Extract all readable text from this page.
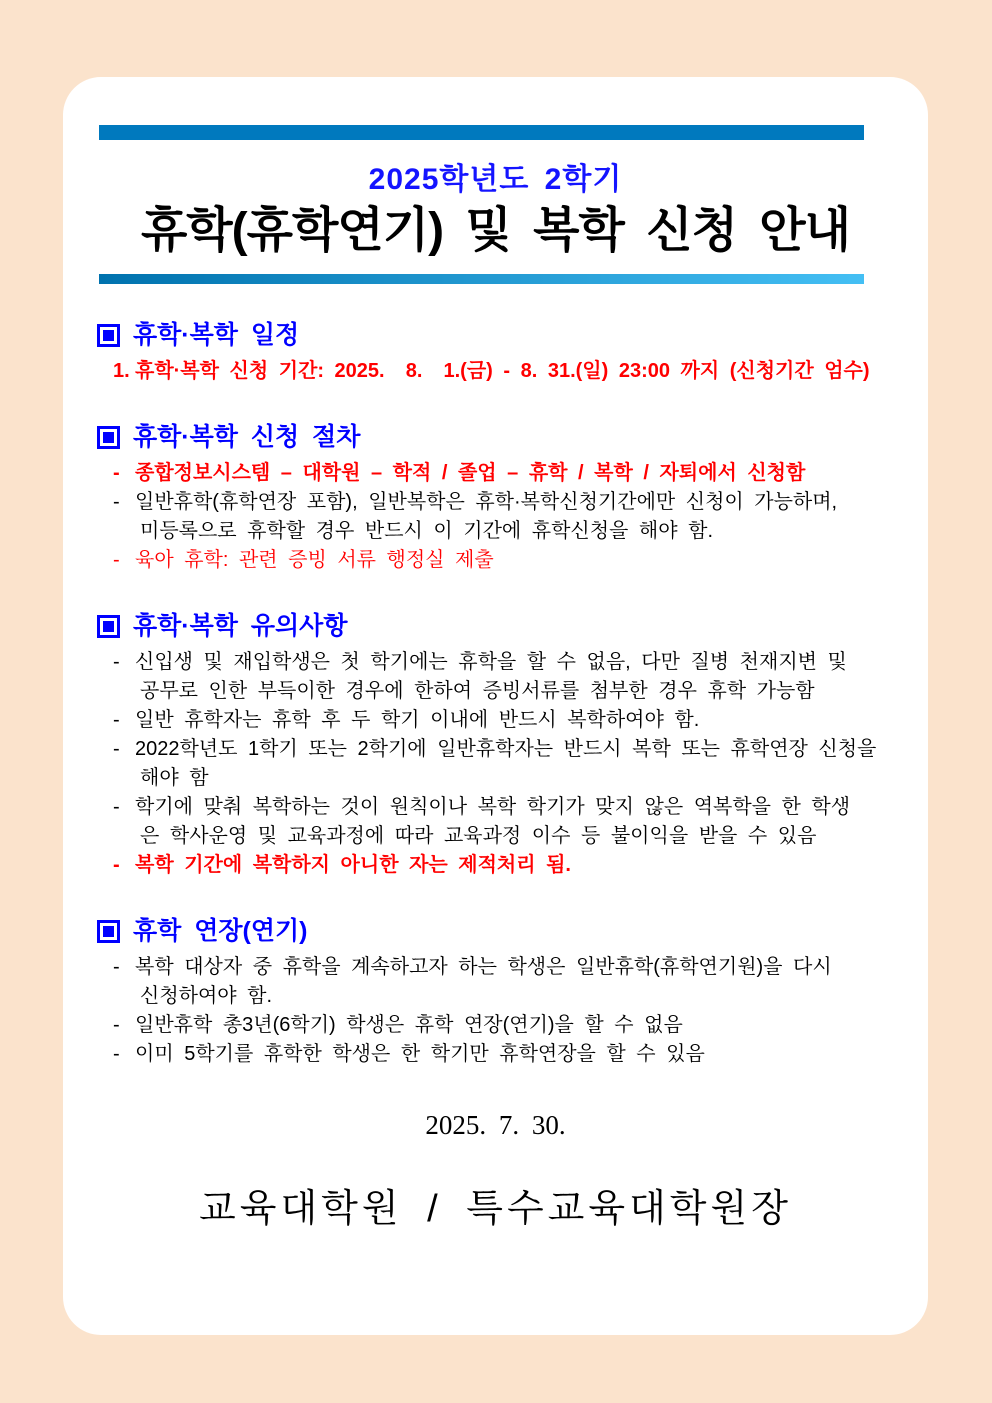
2025학년도 2학기
휴학(휴학연기) 및 복학 신청 안내
휴학·복학 일정
1. 휴학·복학 신청 기간: 2025.  8.  1.(금) - 8. 31.(일) 23:00 까지 (신청기간 엄수)
휴학·복학 신청 절차
- 종합정보시스템 – 대학원 – 학적 / 졸업 – 휴학 / 복학 / 자퇴에서 신청함
- 일반휴학(휴학연장 포함), 일반복학은 휴학·복학신청기간에만 신청이 가능하며,
미등록으로 휴학할 경우 반드시 이 기간에 휴학신청을 해야 함.
- 육아 휴학: 관련 증빙 서류 행정실 제출
휴학·복학 유의사항
- 신입생 및 재입학생은 첫 학기에는 휴학을 할 수 없음, 다만 질병 천재지변 및
공무로 인한 부득이한 경우에 한하여 증빙서류를 첨부한 경우 휴학 가능함
- 일반 휴학자는 휴학 후 두 학기 이내에 반드시 복학하여야 함.
- 2022학년도 1학기 또는 2학기에 일반휴학자는 반드시 복학 또는 휴학연장 신청을
해야 함
- 학기에 맞춰 복학하는 것이 원칙이나 복학 학기가 맞지 않은 역복학을 한 학생
은 학사운영 및 교육과정에 따라 교육과정 이수 등 불이익을 받을 수 있음
- 복학 기간에 복학하지 아니한 자는 제적처리 됨.
휴학 연장(연기)
- 복학 대상자 중 휴학을 계속하고자 하는 학생은 일반휴학(휴학연기원)을 다시
신청하여야 함.
- 일반휴학 총3년(6학기) 학생은 휴학 연장(연기)을 할 수 없음
- 이미 5학기를 휴학한 학생은 한 학기만 휴학연장을 할 수 있음
2025. 7. 30.
교육대학원 / 특수교육대학원장
